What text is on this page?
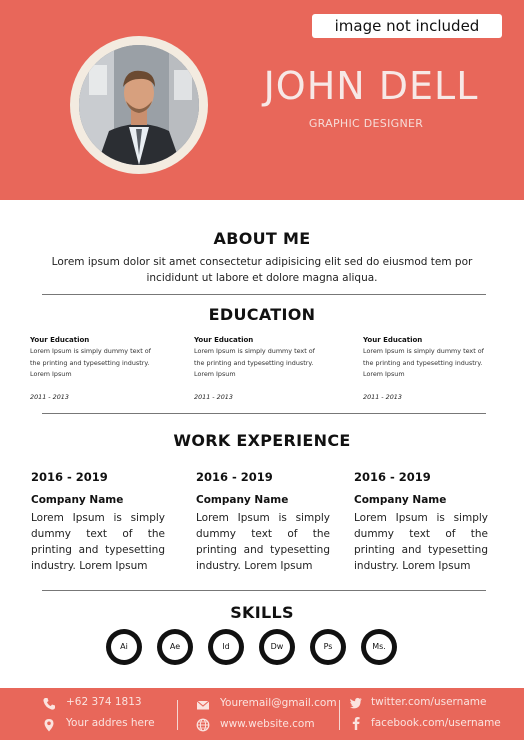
image not included
JOHN DELL
GRAPHIC DESIGNER
ABOUT ME
Lorem ipsum dolor sit amet consectetur adipisicing elit sed do eiusmod tem por incididunt ut labore et dolore magna aliqua.
EDUCATION
Your Education
Lorem Ipsum is simply dummy text of the printing and typesetting industry. Lorem Ipsum
2011 - 2013
Your Education
Lorem Ipsum is simply dummy text of the printing and typesetting industry. Lorem Ipsum
2011 - 2013
Your Education
Lorem Ipsum is simply dummy text of the printing and typesetting industry. Lorem Ipsum
2011 - 2013
WORK EXPERIENCE
2016 - 2019
Company Name
Lorem Ipsum is simply dummy text of the printing and typesetting industry. Lorem Ipsum
2016 - 2019
Company Name
Lorem Ipsum is simply dummy text of the printing and typesetting industry. Lorem Ipsum
2016 - 2019
Company Name
Lorem Ipsum is simply dummy text of the printing and typesetting industry. Lorem Ipsum
SKILLS
Ai	Ae	Id	Dw	Ps	Ms.
+62 374 1813
Your addres here
Youremail@gmail.com
www.website.com
twitter.com/username
facebook.com/username
